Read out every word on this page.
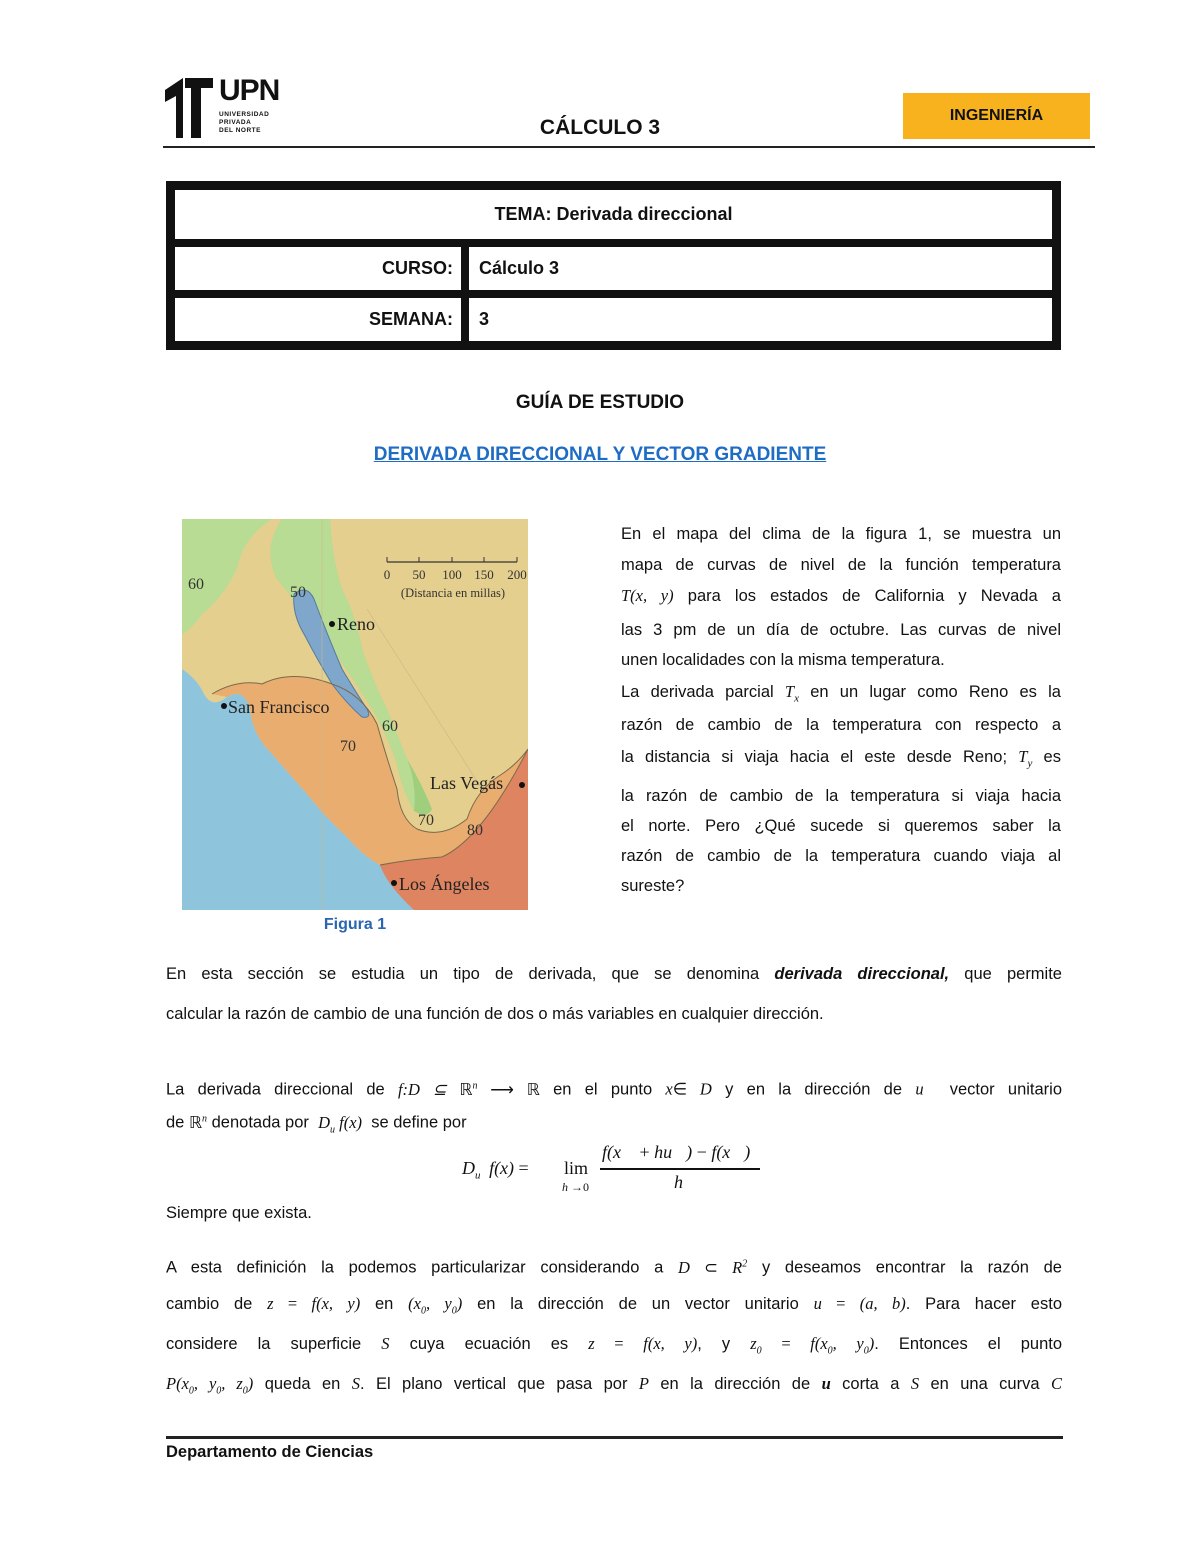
UPN
UNIVERSIDAD
PRIVADA
DEL NORTE	CÁLCULO 3
INGENIERÍA
TEMA: Derivada direccional
CURSO: Cálculo 3
SEMANA: 3
GUÍA DE ESTUDIO
DERIVADA DIRECCIONAL Y VECTOR GRADIENTE
0 50 100 150 200
(Distancia en millas)
60	50
60
70
70
80
Reno
San Francisco
Las Vegás
Los Ángeles
Figura 1
En el mapa del clima de la figura 1, se muestra un
mapa de curvas de nivel de la función temperatura
T(x, y) para los estados de California y Nevada a
las 3 pm de un día de octubre. Las curvas de nivel
unen localidades con la misma temperatura.
La derivada parcial $T_x$ en un lugar como Reno es la
razón de cambio de la temperatura con respecto a
la distancia si viaja hacia el este desde Reno; $T_y$ es
la razón de cambio de la temperatura si viaja hacia
el norte. Pero ¿Qué sucede si queremos saber la
razón de cambio de la temperatura cuando viaja al
sureste?
En esta sección se estudia un tipo de derivada, que se denomina derivada direccional, que permite
calcular la razón de cambio de una función de dos o más variables en cualquier dirección.
La derivada direccional de f:D ⊆ ℝ$^n$ ⟶ ℝ en el punto x∈ D y en la dirección de u⃗ vector unitario
de ℝ$^n$ denotada por $D_u$ f(x) se define por
$D_{u⃗}f(x) = \lim$
h →0
f(x⃗ + hu⃗) − f(x⃗)
h
Siempre que exista.
A esta definición la podemos particularizar considerando a D ⊂ $R^2$ y deseamos encontrar la razón de
cambio de z = f(x, y) en ($x_0$, $y_0$) en la dirección de un vector unitario u = (a, b). Para hacer esto
considere la superficie S cuya ecuación es z = f(x, y), y $z_0 = f(x_0$, $y_0$). Entonces el punto
$P(x_0$, $y_0$, $z_0$) queda en S. El plano vertical que pasa por P en la dirección de u corta a S en una curva C
Departamento de Ciencias
